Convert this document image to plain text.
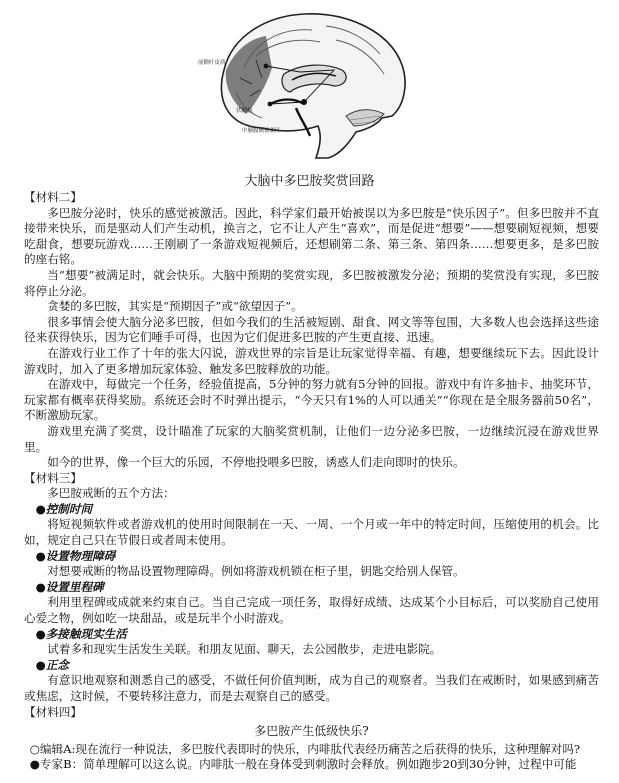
前额叶皮质
伏隔核
中脑腹侧被盖区
大脑中多巴胺奖赏回路

【材料二】

多巴胺分泌时，快乐的感觉被激活。因此，科学家们最开始被误以为多巴胺是“快乐因子”。但多巴胺并不直接带来快乐，而是驱动人们产生动机，换言之，它不让人产生“喜欢”，而是促进“想要”——想要刷短视频，想要吃甜食，想要玩游戏……王刚刷了一条游戏短视频后，还想刷第二条、第三条、第四条……想要更多，是多巴胺的座右铭。

当“想要”被满足时，就会快乐。大脑中预期的奖赏实现，多巴胺被激发分泌；预期的奖赏没有实现，多巴胺将停止分泌。

贪婪的多巴胺，其实是“预期因子”或“欲望因子”。

很多事情会使大脑分泌多巴胺，但如今我们的生活被短剧、甜食、网文等等包围，大多数人也会选择这些途径来获得快乐，因为它们唾手可得，也因为它们促进多巴胺的产生更直接、迅速。

在游戏行业工作了十年的张大闪说，游戏世界的宗旨是让玩家觉得幸福、有趣，想要继续玩下去。因此设计游戏时，加入了更多增加玩家体验、触发多巴胺释放的功能。

在游戏中，每做完一个任务，经验值提高，5分钟的努力就有5分钟的回报。游戏中有许多抽卡、抽奖环节，玩家都有概率获得奖励。系统还会时不时弹出提示，“今天只有1%的人可以通关”“你现在是全服务器前50名”，不断激励玩家。

游戏里充满了奖赏，设计瞄准了玩家的大脑奖赏机制，让他们一边分泌多巴胺，一边继续沉浸在游戏世界里。

如今的世界，像一个巨大的乐园，不停地投喂多巴胺，诱惑人们走向即时的快乐。

【材料三】

多巴胺戒断的五个方法：

●控制时间

将短视频软件或者游戏机的使用时间限制在一天、一周、一个月或一年中的特定时间，压缩使用的机会。比如，规定自己只在节假日或者周末使用。

●设置物理障碍

对想要戒断的物品设置物理障碍。例如将游戏机锁在柜子里，钥匙交给别人保管。

●设置里程碑

利用里程碑或成就来约束自己。当自己完成一项任务，取得好成绩、达成某个小目标后，可以奖励自己使用心爱之物，例如吃一块甜品，或是玩半个小时游戏。

●多接触现实生活

试着多和现实生活发生关联。和朋友见面、聊天，去公园散步，走进电影院。

●正念

有意识地观察和测悉自己的感受，不做任何价值判断，成为自己的观察者。当我们在戒断时，如果感到痛苦或焦虑，这时候，不要转移注意力，而是去观察自己的感受。

【材料四】

多巴胺产生低级快乐?

○编辑A:现在流行一种说法，多巴胺代表即时的快乐，内啡肽代表经历痛苦之后获得的快乐，这种理解对吗?

●专家B：简单理解可以这么说。内啡肽一般在身体受到刺激时会释放。例如跑步20到30分钟，过程中可能
